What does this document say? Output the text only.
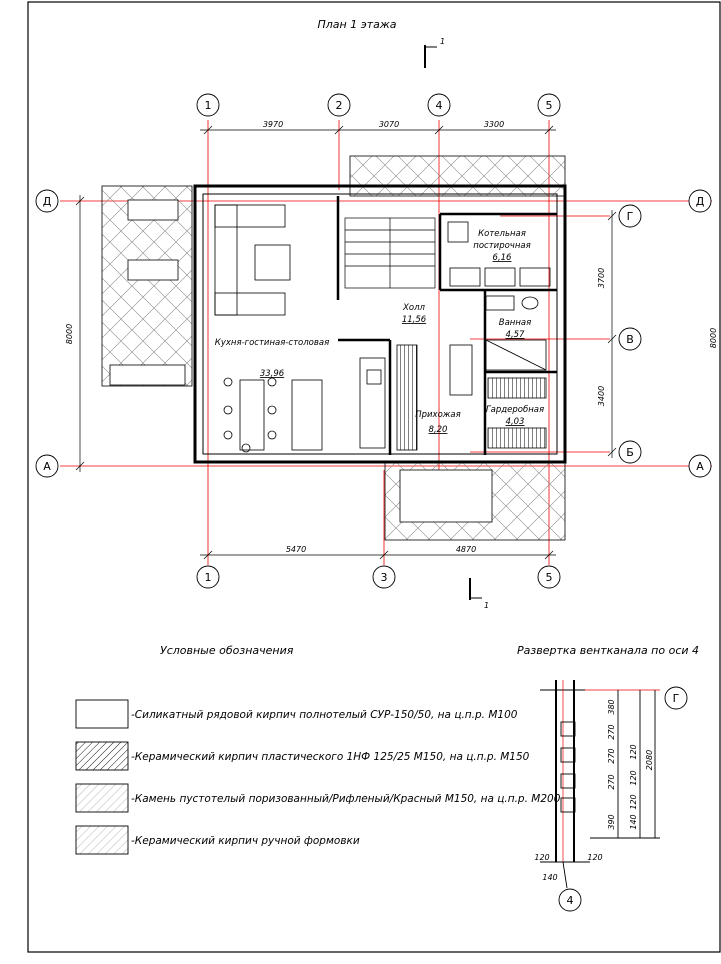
План 1 этажа
Кухня-гостиная-столовая
33,96
Холл
11,56
Котельная
постирочная
6,16
Ванная
4,57
Прихожая
8,20
Гардеробная
4,03
3970	3070	3300
5470	4870
8000
3700
3400
8000
1	2	4	5
1	3	5
Г
В
Б
Д
А
Д
А
1
1
Условные обозначения
-Силикатный рядовой кирпич полнотелый СУР-150/50, на ц.п.р. М100
-Керамический кирпич пластического 1НФ 125/25 М150, на ц.п.р. М150
-Камень пустотелый поризованный/Рифленый/Красный М150, на ц.п.р. М200
-Керамический кирпич ручной формовки
Развертка вентканала по оси 4
Г
4
380
270
120
270
120
270
120
390 140
2080
120
140
120
